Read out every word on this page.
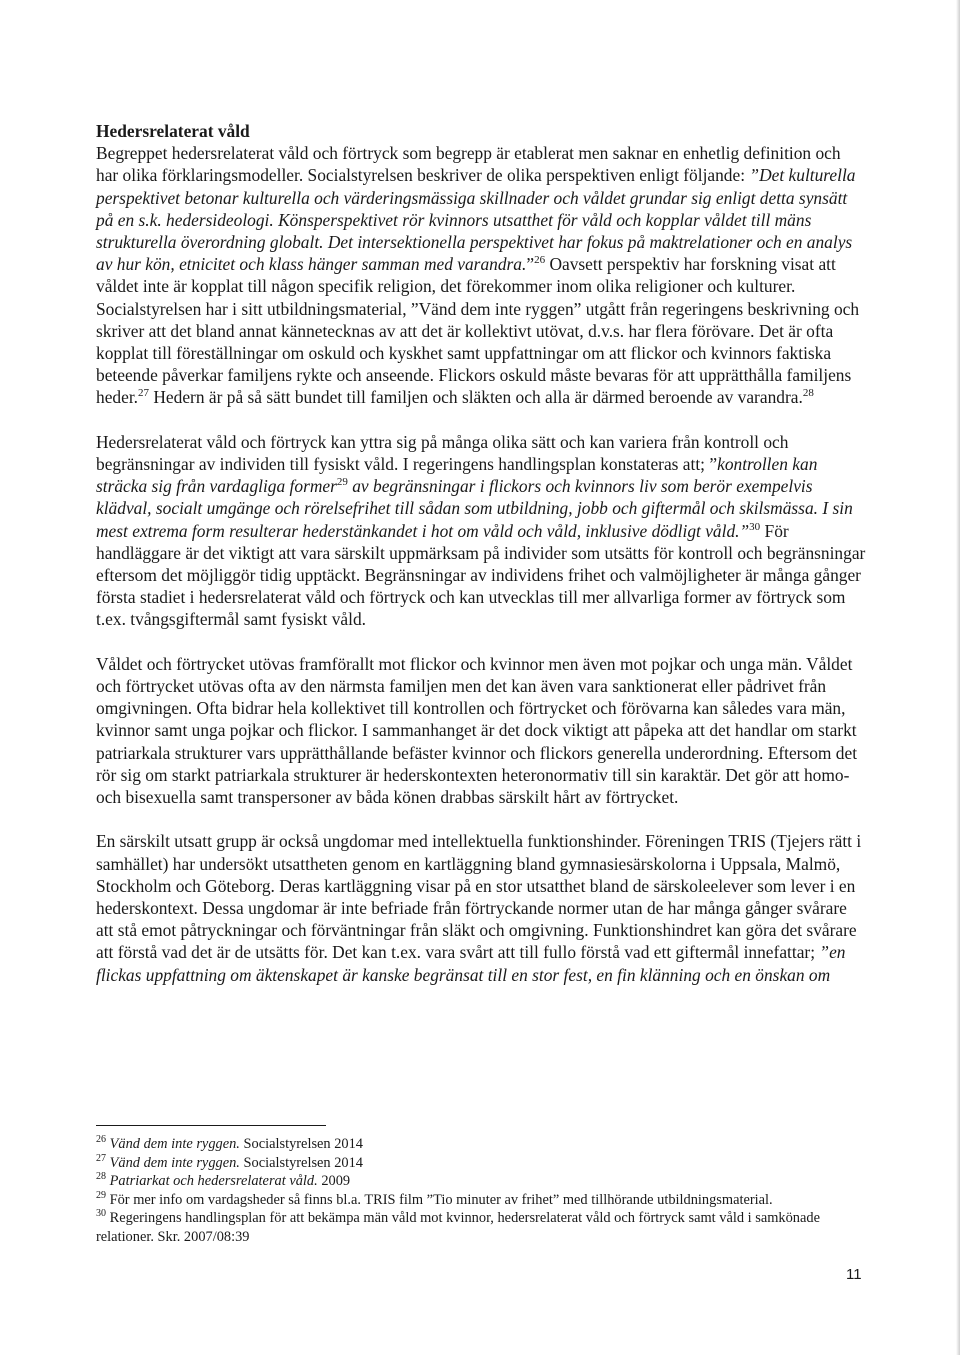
Hedersrelaterat våld

Begreppet hedersrelaterat våld och förtryck som begrepp är etablerat men saknar en enhetlig definition och har olika förklaringsmodeller. Socialstyrelsen beskriver de olika perspektiven enligt följande: ”Det kulturella perspektivet betonar kulturella och värderingsmässiga skillnader och våldet grundar sig enligt detta synsätt på en s.k. hedersideologi. Könsperspektivet rör kvinnors utsatthet för våld och kopplar våldet till mäns strukturella överordning globalt. Det intersektionella perspektivet har fokus på maktrelationer och en analys av hur kön, etnicitet och klass hänger samman med varandra.”$^{26}$ Oavsett perspektiv har forskning visat att våldet inte är kopplat till någon specifik religion, det förekommer inom olika religioner och kulturer. Socialstyrelsen har i sitt utbildningsmaterial, ”Vänd dem inte ryggen” utgått från regeringens beskrivning och skriver att det bland annat kännetecknas av att det är kollektivt utövat, d.v.s. har flera förövare. Det är ofta kopplat till föreställningar om oskuld och kyskhet samt uppfattningar om att flickor och kvinnors faktiska beteende påverkar familjens rykte och anseende. Flickors oskuld måste bevaras för att upprätthålla familjens heder.$^{27}$ Hedern är på så sätt bundet till familjen och släkten och alla är därmed beroende av varandra.$^{28}$

Hedersrelaterat våld och förtryck kan yttra sig på många olika sätt och kan variera från kontroll och begränsningar av individen till fysiskt våld. I regeringens handlingsplan konstateras att; ”kontrollen kan sträcka sig från vardagliga former$^{29}$ av begränsningar i flickors och kvinnors liv som berör exempelvis klädval, socialt umgänge och rörelsefrihet till sådan som utbildning, jobb och giftermål och skilsmässa. I sin mest extrema form resulterar hederstänkandet i hot om våld och våld, inklusive dödligt våld.”$^{30}$ För handläggare är det viktigt att vara särskilt uppmärksam på individer som utsätts för kontroll och begränsningar eftersom det möjliggör tidig upptäckt. Begränsningar av individens frihet och valmöjligheter är många gånger första stadiet i hedersrelaterat våld och förtryck och kan utvecklas till mer allvarliga former av förtryck som t.ex. tvångsgiftermål samt fysiskt våld.

Våldet och förtrycket utövas framförallt mot flickor och kvinnor men även mot pojkar och unga män. Våldet och förtrycket utövas ofta av den närmsta familjen men det kan även vara sanktionerat eller pådrivet från omgivningen. Ofta bidrar hela kollektivet till kontrollen och förtrycket och förövarna kan således vara män, kvinnor samt unga pojkar och flickor. I sammanhanget är det dock viktigt att påpeka att det handlar om starkt patriarkala strukturer vars upprätthållande befäster kvinnor och flickors generella underordning. Eftersom det rör sig om starkt patriarkala strukturer är hederskontexten heteronormativ till sin karaktär. Det gör att homo- och bisexuella samt transpersoner av båda könen drabbas särskilt hårt av förtrycket.

En särskilt utsatt grupp är också ungdomar med intellektuella funktionshinder. Föreningen TRIS (Tjejers rätt i samhället) har undersökt utsattheten genom en kartläggning bland gymnasiesärskolorna i Uppsala, Malmö, Stockholm och Göteborg. Deras kartläggning visar på en stor utsatthet bland de särskoleelever som lever i en hederskontext. Dessa ungdomar är inte befriade från förtryckande normer utan de har många gånger svårare att stå emot påtryckningar och förväntningar från släkt och omgivning. Funktionshindret kan göra det svårare att förstå vad det är de utsätts för. Det kan t.ex. vara svårt att till fullo förstå vad ett giftermål innefattar; ”en flickas uppfattning om äktenskapet är kanske begränsat till en stor fest, en fin klänning och en önskan om

$^{26}$ Vänd dem inte ryggen. Socialstyrelsen 2014

$^{27}$ Vänd dem inte ryggen. Socialstyrelsen 2014

$^{28}$ Patriarkat och hedersrelaterat våld. 2009

$^{29}$ För mer info om vardagsheder så finns bl.a. TRIS film ”Tio minuter av frihet” med tillhörande utbildningsmaterial.

$^{30}$ Regeringens handlingsplan för att bekämpa män våld mot kvinnor, hedersrelaterat våld och förtryck samt våld i samkönade relationer. Skr. 2007/08:39

11
